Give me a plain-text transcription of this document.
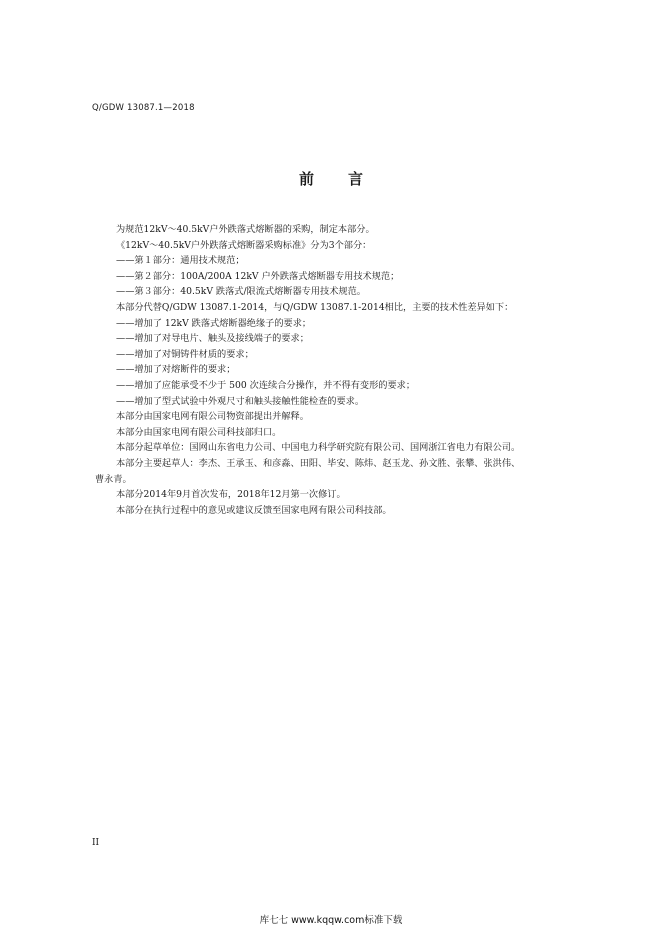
Q/GDW 13087.1—2018
前 言
为规范12kV～40.5kV户外跌落式熔断器的采购，制定本部分。
《12kV～40.5kV户外跌落式熔断器采购标准》分为3个部分：
——第１部分：通用技术规范；
——第２部分：100A/200A 12kV 户外跌落式熔断器专用技术规范；
——第３部分：40.5kV 跌落式/限流式熔断器专用技术规范。
本部分代替Q/GDW 13087.1-2014，与Q/GDW 13087.1-2014相比，主要的技术性差异如下：
——增加了 12kV 跌落式熔断器绝缘子的要求；
——增加了对导电片、触头及接线端子的要求；
——增加了对铜铸件材质的要求；
——增加了对熔断件的要求；
——增加了应能承受不少于 500 次连续合分操作，并不得有变形的要求；
——增加了型式试验中外观尺寸和触头接触性能检查的要求。
本部分由国家电网有限公司物资部提出并解释。
本部分由国家电网有限公司科技部归口。
本部分起草单位：国网山东省电力公司、中国电力科学研究院有限公司、国网浙江省电力有限公司。
本部分主要起草人：李杰、王承玉、和彦淼、田阳、毕安、陈炜、赵玉龙、孙文胜、张攀、张洪伟、
曹永青。
本部分2014年9月首次发布，2018年12月第一次修订。
本部分在执行过程中的意见或建议反馈至国家电网有限公司科技部。
II
库七七 www.kqqw.com标准下载
